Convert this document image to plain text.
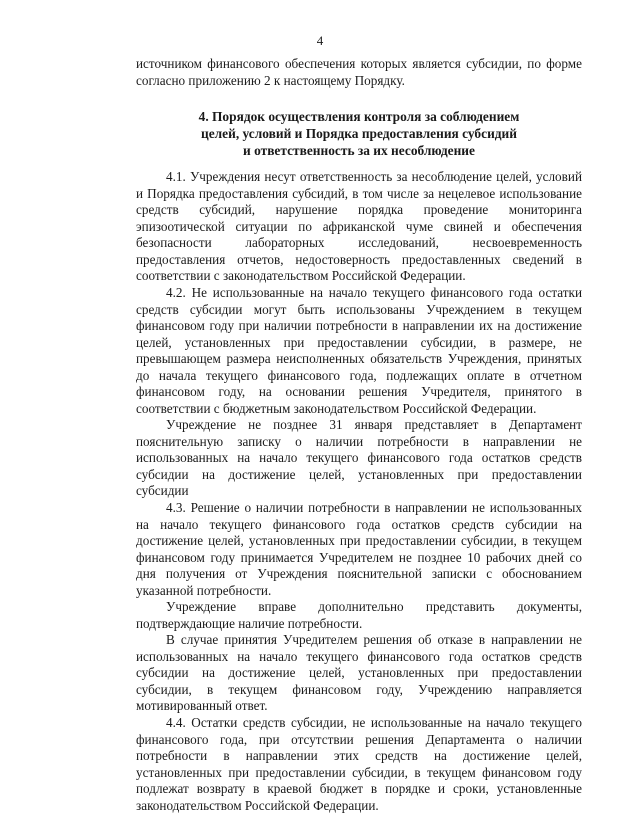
4
источником финансового обеспечения которых является субсидии, по форме
согласно приложению 2 к настоящему Порядку.
4. Порядок осуществления контроля за соблюдением
целей, условий и Порядка предоставления субсидий
и ответственность за их несоблюдение
4.1. Учреждения несут ответственность за несоблюдение целей, условий
и Порядка предоставления субсидий, в том числе за нецелевое использование
средств субсидий, нарушение порядка проведение мониторинга
эпизоотической ситуации по африканской чуме свиней и обеспечения
безопасности лабораторных исследований, несвоевременность
предоставления отчетов, недостоверность предоставленных сведений в
соответствии с законодательством Российской Федерации.
4.2. Не использованные на начало текущего финансового года остатки
средств субсидии могут быть использованы Учреждением в текущем
финансовом году при наличии потребности в направлении их на достижение
целей, установленных при предоставлении субсидии, в размере, не
превышающем размера неисполненных обязательств Учреждения, принятых
до начала текущего финансового года, подлежащих оплате в отчетном
финансовом году, на основании решения Учредителя, принятого в
соответствии с бюджетным законодательством Российской Федерации.
Учреждение не позднее 31 января представляет в Департамент
пояснительную записку о наличии потребности в направлении не
использованных на начало текущего финансового года остатков средств
субсидии на достижение целей, установленных при предоставлении
субсидии
4.3. Решение о наличии потребности в направлении не использованных
на начало текущего финансового года остатков средств субсидии на
достижение целей, установленных при предоставлении субсидии, в текущем
финансовом году принимается Учредителем не позднее 10 рабочих дней со
дня получения от Учреждения пояснительной записки с обоснованием
указанной потребности.
Учреждение вправе дополнительно представить документы,
подтверждающие наличие потребности.
В случае принятия Учредителем решения об отказе в направлении не
использованных на начало текущего финансового года остатков средств
субсидии на достижение целей, установленных при предоставлении
субсидии, в текущем финансовом году, Учреждению направляется
мотивированный ответ.
4.4. Остатки средств субсидии, не использованные на начало текущего
финансового года, при отсутствии решения Департамента о наличии
потребности в направлении этих средств на достижение целей,
установленных при предоставлении субсидии, в текущем финансовом году
подлежат возврату в краевой бюджет в порядке и сроки, установленные
законодательством Российской Федерации.
